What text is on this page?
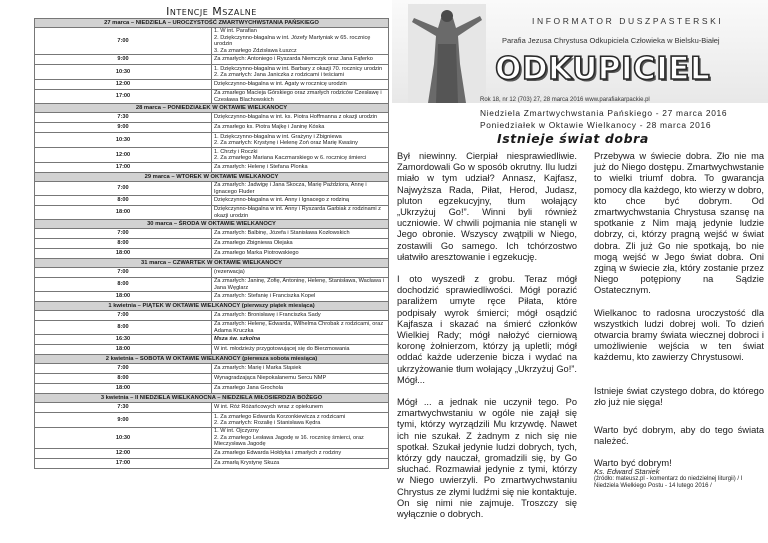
Intencje Mszalne
27 marca – NIEDZIELA – UROCZYSTOŚĆ ZMARTWYCHWSTANIA PAŃSKIEGO	
7:00	1. W int. Parafian
2. Dziękczynno-błagalna w int. Józefy Martyniak w 65. rocznicę urodzin
3. Za zmarłego Zdzisława Łuszcz

9:00	Za zmarłych: Antoniego i Ryszarda Niemczyk oraz Jana Fąferko

10:30	1. Dziękczynno-błagalna w int. Barbary z okazji 70. rocznicy urodzin
2. Za zmarłych: Jana Janiczka z rodzicami i teściami

12:00	Dziękczynno-błagalna w int. Agaty w rocznicę urodzin

17:00	Za zmarłego Macieja Górskiego oraz zmarłych rodziców Czesławę i Czesława Blachowskich

28 marca – PONIEDZIAŁEK W OKTAWIE WIELKANOCY	
7:30	Dziękczynno-błagalna w int. ks. Piotra Hoffmanna z okazji urodzin

9:00	Za zmarłego ks. Piotra Majkę i Janinę Kóska

10:30	1. Dziękczynno-błagalna w int. Grażyny i Zbigniewa
2. Za zmarłych: Krystynę i Helenę Zoń oraz Marię Kwaśny

12:00	1. Chrzty i Roczki
2. Za zmarłego Mariana Kaczmarskiego w 6. rocznicę śmierci

17:00	Za zmarłych: Helenę i Stefana Plonka

29 marca – WTOREK W OKTAWIE WIELKANOCY	
7:00	Za zmarłych: Jadwigę i Jana Skocza, Marię Paździora, Annę i Ignacego Fluder

8:00	Dziękczynno-błagalna w int. Anny i Ignacego z rodziną

18:00	Dziękczynno-błagalna w int. Anny i Ryszarda Garbiak z rodzinami z okazji urodzin

30 marca – ŚRODA W OKTAWIE WIELKANOCY	
7:00	Za zmarłych: Balbinę, Józefa i Stanisława Kozłowskich

8:00	Za zmarłego Zbigniewa Olejaka

18:00	Za zmarłego Marka Piotrowskiego

31 marca – CZWARTEK W OKTAWIE WIELKANOCY	
7:00	(rezerwacja)

8:00	Za zmarłych: Janinę, Zofię, Antoninę, Helenę, Stanisława, Wacława i Jana Węglarz

18:00	Za zmarłych: Stefanię i Franciszka Kopel

1 kwietnia – PIĄTEK W OKTAWIE WIELKANOCY (pierwszy piątek miesiąca)	
7:00	Za zmarłych: Bronisławę i Franciszka Sady

8:00	Za zmarłych: Helenę, Edwarda, Wilhelma Chrobak z rodzicami, oraz Adama Kruczka

16:30	Msza św. szkolna

18:00	W int. młodzieży przygotowującej się do Bierzmowania

2 kwietnia – SOBOTA W OKTAWIE WIELKANOCY (pierwsza sobota miesiąca)	
7:00	Za zmarłych: Marię i Marka Stąsiek

8:00	Wynagradzająca Niepokalanemu Sercu NMP

18:00	Za zmarłego Jana Grochola

3 kwietnia – II NIEDZIELA WIELKANOCNA – NIEDZIELA MIŁOSIERDZIA BOŻEGO	
7:30	W int. Róż Różańcowych wraz z opiekunem

9:00	1. Za zmarłego Edwarda Korzonkiewicza z rodzicami
2. Za zmarłych: Rozalię i Stanisława Kędra

10:30	1. W int. Ojczyzny
2. Za zmarłego Lesława Jagodę w 16. rocznicę śmierci, oraz Mieczysława Jagodę

12:00	Za zmarłego Edwarda Hołdyka i zmarłych z rodziny

17:00	Za zmarłą Krystynę Skuza
INFORMATOR DUSZPASTERSKI
Parafia Jezusa Chrystusa Odkupiciela Człowieka w Bielsku-Białej
ODKUPICIEL
Rok 18, nr 12 (703) 27, 28 marca 2016 www.parafiakarpackie.pl
Niedziela Zmartwychwstania Pańskiego - 27 marca 2016
Poniedziałek w Oktawie Wielkanocy - 28 marca 2016
Istnieje świat dobra

Był niewinny. Cierpiał niesprawiedliwie. Zamordowali Go w sposób okrutny. Ilu ludzi miało w tym udział? Annasz, Kajfasz, Najwyższa Rada, Piłat, Herod, Judasz, pluton egzekucyjny, tłum wołający „Ukrzyżuj Go!”. Winni byli również uczniowie. W chwili pojmania nie stanęli w Jego obronie. Wszyscy zwątpili w Niego, zostawili Go samego. Ich tchórzostwo ułatwiło aresztowanie i egzekucję.

I oto wyszedł z grobu. Teraz mógł dochodzić sprawiedliwości. Mógł porazić paraliżem umyte ręce Piłata, które podpisały wyrok śmierci; mógł osądzić Kajfasza i skazać na śmierć członków Wielkiej Rady; mógł nałożyć cierniową koronę żołnierzom, którzy ją upletli; mógł oddać każde uderzenie bicza i wydać na ukrzyżowanie tłum wołający „Ukrzyżuj Go!”. Mógł...

Mógł ... a jednak nie uczynił tego. Po zmartwychwstaniu w ogóle nie zajął się tymi, którzy wyrządzili Mu krzywdę. Nawet ich nie szukał. Z żadnym z nich się nie spotkał. Szukał jedynie ludzi dobrych, tych, którzy gdy nauczał, gromadzili się, by Go słuchać. Rozmawiał jedynie z tymi, którzy w Niego uwierzyli. Po zmartwychwstaniu Chrystus ze złymi ludźmi się nie kontaktuje. On się nimi nie zajmuje. Troszczy się wyłącznie o dobrych.

Przebywa w świecie dobra. Zło nie ma już do Niego dostępu. Zmartwychwstanie to wielki triumf dobra. To gwarancja pomocy dla każdego, kto wierzy w dobro, kto chce być dobrym. Od zmartwychwstania Chrystusa szansę na spotkanie z Nim mają jedynie ludzie dobrzy, ci, którzy pragną wejść w świat dobra. Zli już Go nie spotkają, bo nie mogą wejść w Jego świat dobra. Oni zginą w świecie zła, który zostanie przez Niego potępiony na Sądzie Ostatecznym.

Wielkanoc to radosna uroczystość dla wszystkich ludzi dobrej woli. To dzień otwarcia bramy świata wiecznej dobroci i umożliwienie wejścia w ten świat każdemu, kto zawierzy Chrystusowi.

Istnieje świat czystego dobra, do którego zło już nie sięga!

Warto być dobrym, aby do tego świata należeć.

Warto być dobrym!

Ks. Edward Staniek
(źródło: mateusz.pl - komentarz do niedzielnej liturgii) / I Niedziela Wielkiego Postu - 14 lutego 2016 /
